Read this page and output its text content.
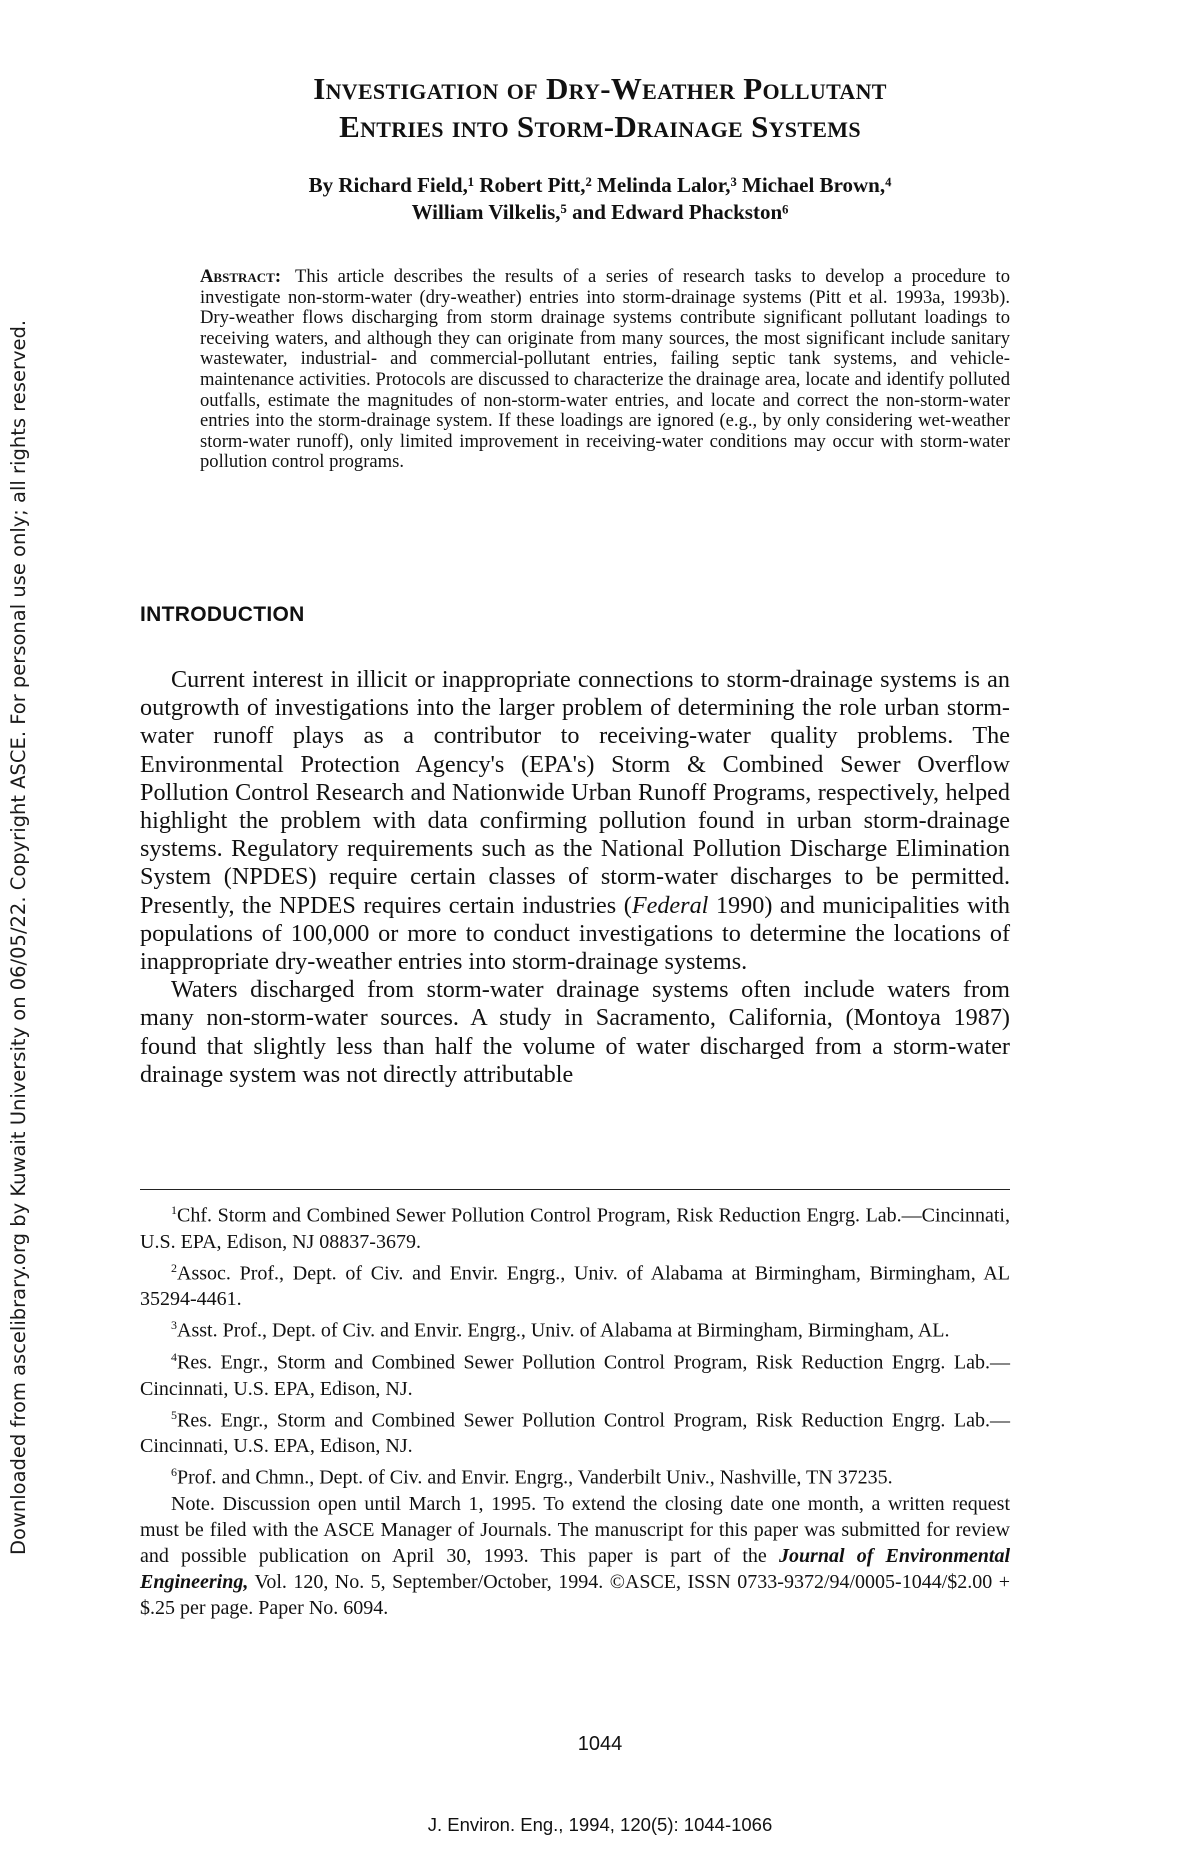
Downloaded from ascelibrary.org by Kuwait University on 06/05/22. Copyright ASCE. For personal use only; all rights reserved.
Investigation of Dry-Weather Pollutant
Entries into Storm-Drainage Systems
By Richard Field,¹ Robert Pitt,² Melinda Lalor,³ Michael Brown,⁴
William Vilkelis,⁵ and Edward Phackston⁶
Abstract: This article describes the results of a series of research tasks to develop a procedure to investigate non-storm-water (dry-weather) entries into storm-drainage systems (Pitt et al. 1993a, 1993b). Dry-weather flows discharging from storm drainage systems contribute significant pollutant loadings to receiving waters, and although they can originate from many sources, the most significant include sanitary wastewater, industrial- and commercial-pollutant entries, failing septic tank systems, and vehicle-maintenance activities. Protocols are discussed to characterize the drainage area, locate and identify polluted outfalls, estimate the magnitudes of non-storm-water entries, and locate and correct the non-storm-water entries into the storm-drainage system. If these loadings are ignored (e.g., by only considering wet-weather storm-water runoff), only limited improvement in receiving-water conditions may occur with storm-water pollution control programs.
INTRODUCTION

Current interest in illicit or inappropriate connections to storm-drainage systems is an outgrowth of investigations into the larger problem of determining the role urban storm-water runoff plays as a contributor to receiving-water quality problems. The Environmental Protection Agency's (EPA's) Storm & Combined Sewer Overflow Pollution Control Research and Nationwide Urban Runoff Programs, respectively, helped highlight the problem with data confirming pollution found in urban storm-drainage systems. Regulatory requirements such as the National Pollution Discharge Elimination System (NPDES) require certain classes of storm-water discharges to be permitted. Presently, the NPDES requires certain industries (Federal 1990) and municipalities with populations of 100,000 or more to conduct investigations to determine the locations of inappropriate dry-weather entries into storm-drainage systems.

Waters discharged from storm-water drainage systems often include waters from many non-storm-water sources. A study in Sacramento, California, (Montoya 1987) found that slightly less than half the volume of water discharged from a storm-water drainage system was not directly attributable

$^1$Chf. Storm and Combined Sewer Pollution Control Program, Risk Reduction Engrg. Lab.—Cincinnati, U.S. EPA, Edison, NJ 08837-3679.

$^2$Assoc. Prof., Dept. of Civ. and Envir. Engrg., Univ. of Alabama at Birmingham, Birmingham, AL 35294-4461.

$^3$Asst. Prof., Dept. of Civ. and Envir. Engrg., Univ. of Alabama at Birmingham, Birmingham, AL.

$^4$Res. Engr., Storm and Combined Sewer Pollution Control Program, Risk Reduction Engrg. Lab.—Cincinnati, U.S. EPA, Edison, NJ.

$^5$Res. Engr., Storm and Combined Sewer Pollution Control Program, Risk Reduction Engrg. Lab.— Cincinnati, U.S. EPA, Edison, NJ.

$^6$Prof. and Chmn., Dept. of Civ. and Envir. Engrg., Vanderbilt Univ., Nashville, TN 37235.

Note. Discussion open until March 1, 1995. To extend the closing date one month, a written request must be filed with the ASCE Manager of Journals. The manuscript for this paper was submitted for review and possible publication on April 30, 1993. This paper is part of the Journal of Environmental Engineering, Vol. 120, No. 5, September/October, 1994. ©ASCE, ISSN 0733-9372/94/0005-1044/$2.00 + $.25 per page. Paper No. 6094.

1044
J. Environ. Eng., 1994, 120(5): 1044-1066
